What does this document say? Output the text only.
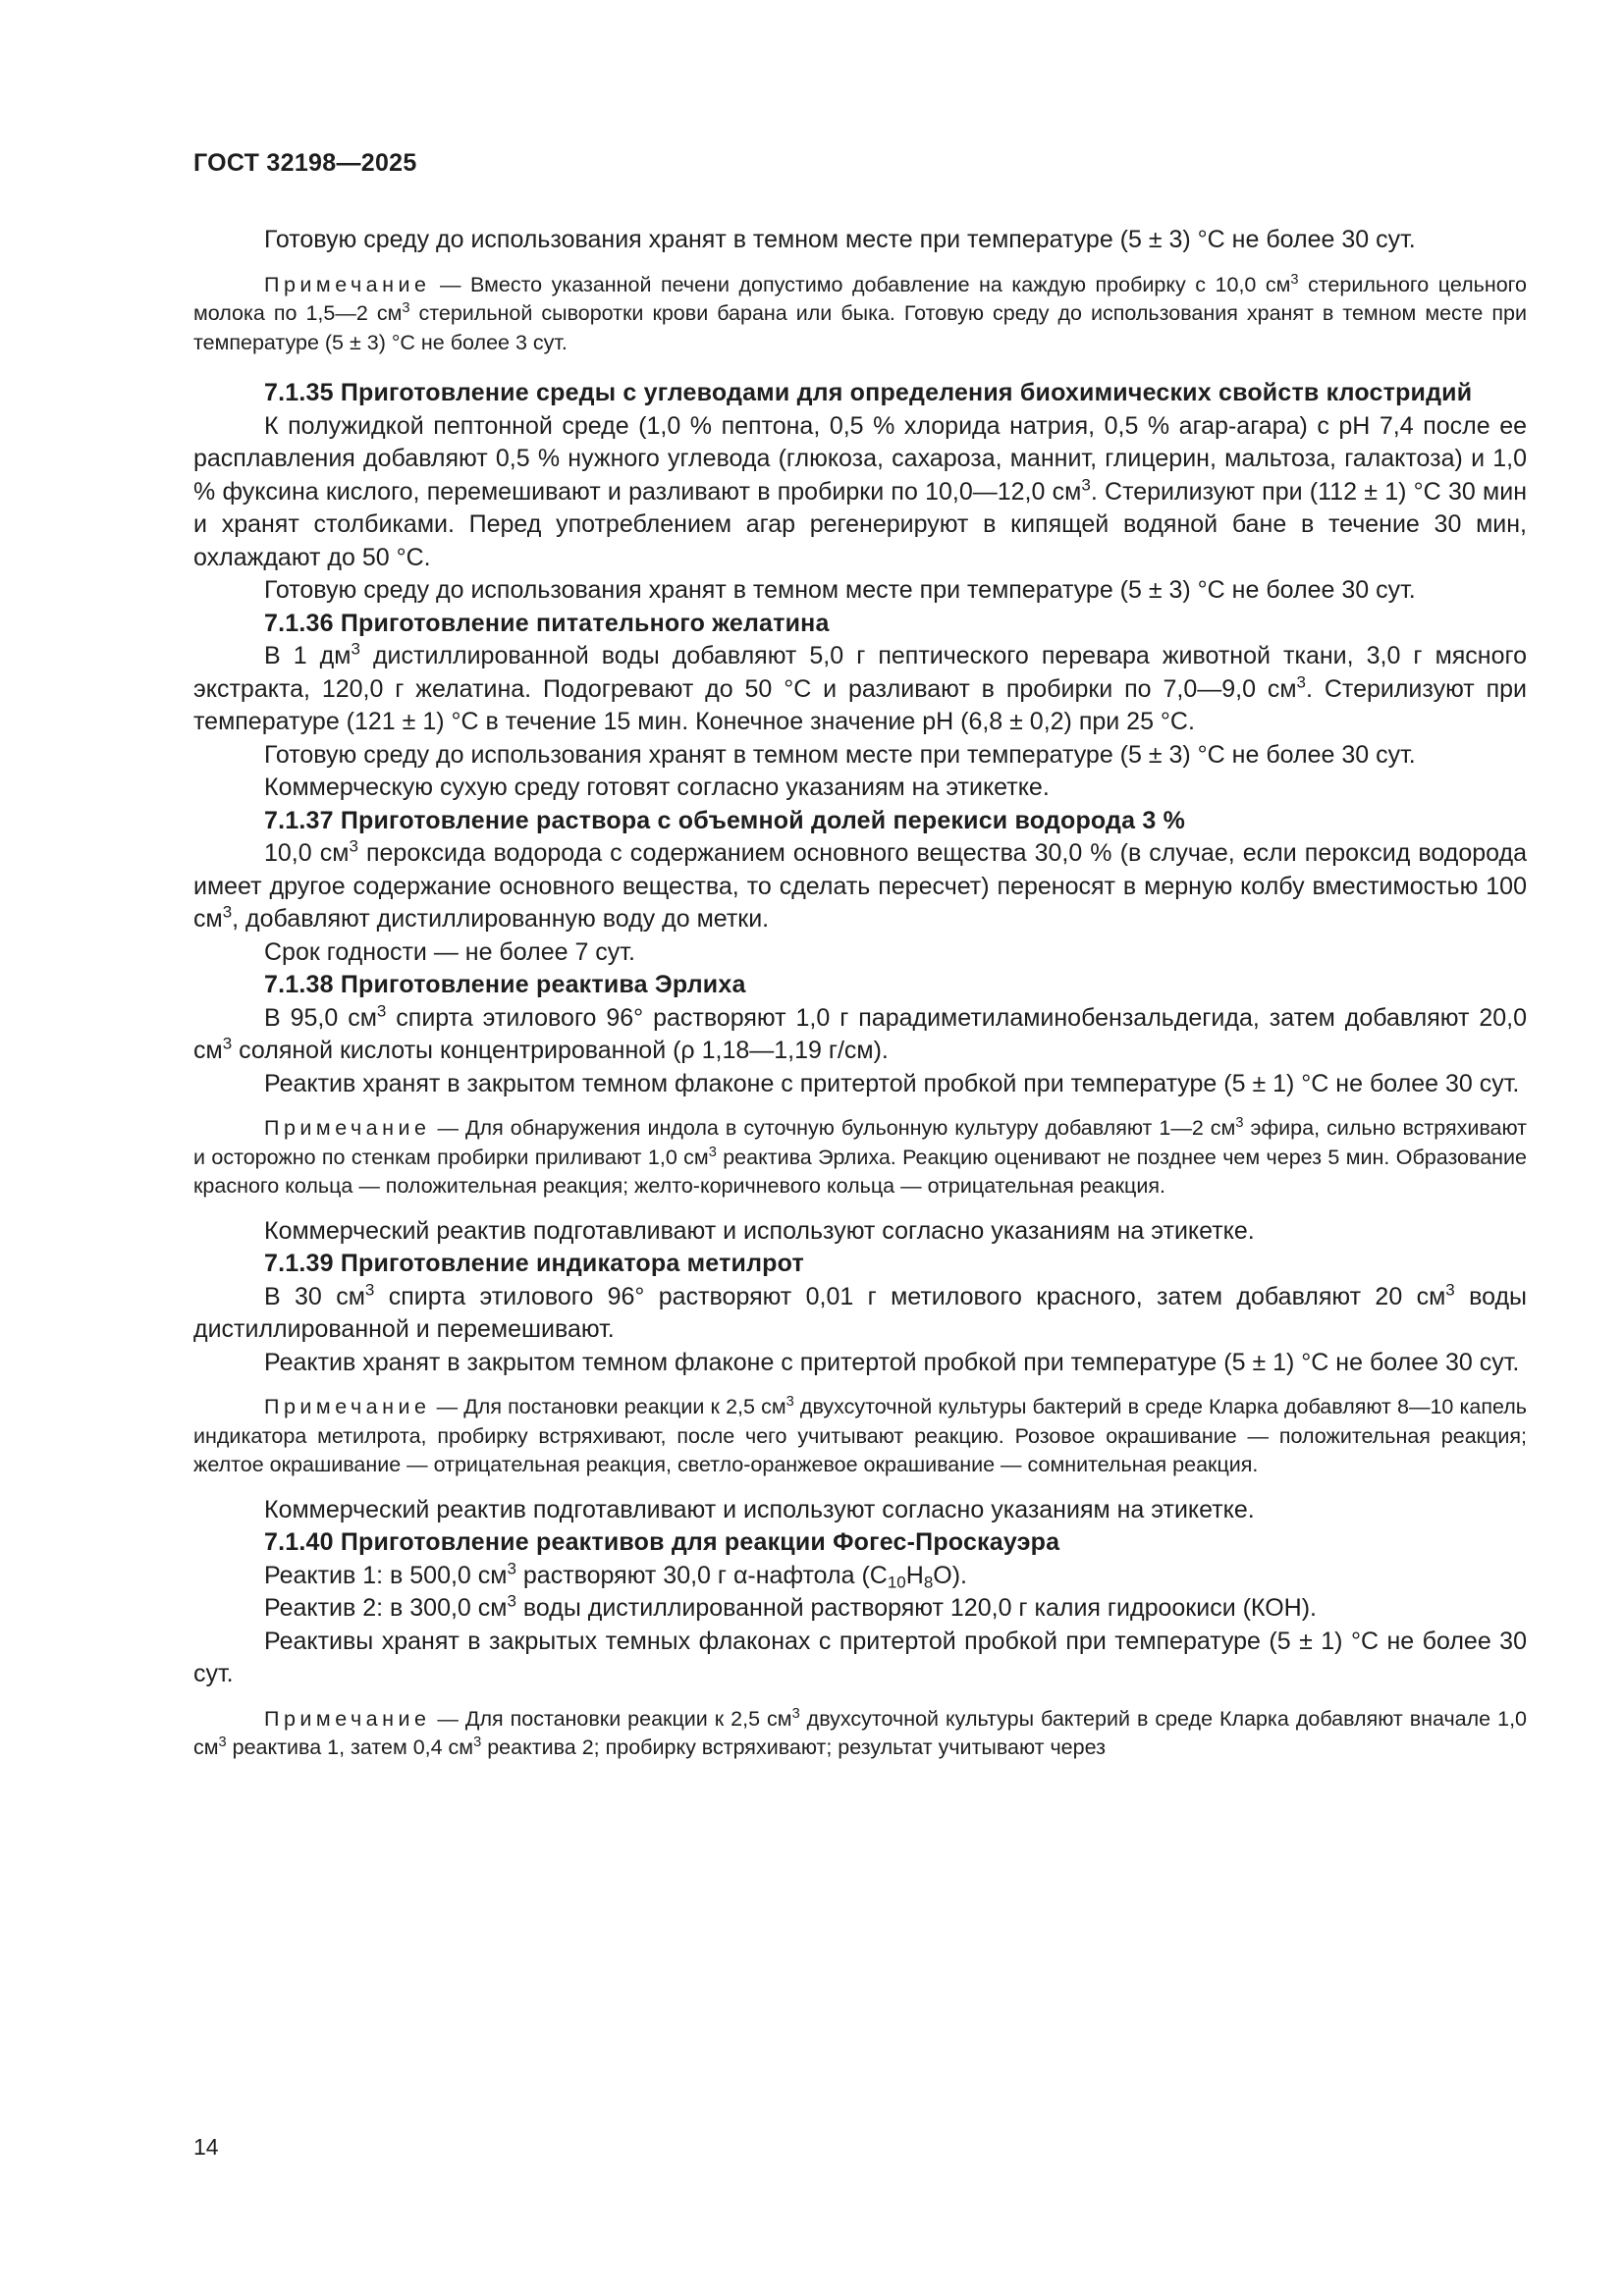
ГОСТ 32198—2025

Готовую среду до использования хранят в темном месте при температуре (5 ± 3) °С не более 30 сут.

Примечание — Вместо указанной печени допустимо добавление на каждую пробирку с 10,0 $см^3$ стерильного цельного молока по 1,5—2 $см^3$ стерильной сыворотки крови барана или быка. Готовую среду до использования хранят в темном месте при температуре (5 ± 3) °С не более 3 сут.

7.1.35 Приготовление среды с углеводами для определения биохимических свойств клостридий

К полужидкой пептонной среде (1,0 % пептона, 0,5 % хлорида натрия, 0,5 % агар-агара) с рН 7,4 после ее расплавления добавляют 0,5 % нужного углевода (глюкоза, сахароза, маннит, глицерин, мальтоза, галактоза) и 1,0 % фуксина кислого, перемешивают и разливают в пробирки по 10,0—12,0 $см^3$. Стерилизуют при (112 ± 1) °С 30 мин и хранят столбиками. Перед употреблением агар регенерируют в кипящей водяной бане в течение 30 мин, охлаждают до 50 °С.

Готовую среду до использования хранят в темном месте при температуре (5 ± 3) °С не более 30 сут.

7.1.36 Приготовление питательного желатина

В 1 $дм^3$ дистиллированной воды добавляют 5,0 г пептического перевара животной ткани, 3,0 г мясного экстракта, 120,0 г желатина. Подогревают до 50 °С и разливают в пробирки по 7,0—9,0 $см^3$. Стерилизуют при температуре (121 ± 1) °С в течение 15 мин. Конечное значение рН (6,8 ± 0,2) при 25 °С.

Готовую среду до использования хранят в темном месте при температуре (5 ± 3) °С не более 30 сут.

Коммерческую сухую среду готовят согласно указаниям на этикетке.

7.1.37 Приготовление раствора с объемной долей перекиси водорода 3 %

10,0 $см^3$ пероксида водорода с содержанием основного вещества 30,0 % (в случае, если пероксид водорода имеет другое содержание основного вещества, то сделать пересчет) переносят в мерную колбу вместимостью 100 $см^3$, добавляют дистиллированную воду до метки.

Срок годности — не более 7 сут.

7.1.38 Приготовление реактива Эрлиха

В 95,0 $см^3$ спирта этилового 96° растворяют 1,0 г парадиметиламинобензальдегида, затем добавляют 20,0 $см^3$ соляной кислоты концентрированной (ρ 1,18—1,19 г/см).

Реактив хранят в закрытом темном флаконе с притертой пробкой при температуре (5 ± 1) °С не более 30 сут.

Примечание — Для обнаружения индола в суточную бульонную культуру добавляют 1—2 $см^3$ эфира, сильно встряхивают и осторожно по стенкам пробирки приливают 1,0 $см^3$ реактива Эрлиха. Реакцию оценивают не позднее чем через 5 мин. Образование красного кольца — положительная реакция; желто-коричневого кольца — отрицательная реакция.

Коммерческий реактив подготавливают и используют согласно указаниям на этикетке.

7.1.39 Приготовление индикатора метилрот

В 30 $см^3$ спирта этилового 96° растворяют 0,01 г метилового красного, затем добавляют 20 $см^3$ воды дистиллированной и перемешивают.

Реактив хранят в закрытом темном флаконе с притертой пробкой при температуре (5 ± 1) °С не более 30 сут.

Примечание — Для постановки реакции к 2,5 $см^3$ двухсуточной культуры бактерий в среде Кларка добавляют 8—10 капель индикатора метилрота, пробирку встряхивают, после чего учитывают реакцию. Розовое окрашивание — положительная реакция; желтое окрашивание — отрицательная реакция, светло-оранжевое окрашивание — сомнительная реакция.

Коммерческий реактив подготавливают и используют согласно указаниям на этикетке.

7.1.40 Приготовление реактивов для реакции Фогес-Проскауэра

Реактив 1: в 500,0 $см^3$ растворяют 30,0 г α-нафтола $(С_{10}Н_8О)$.

Реактив 2: в 300,0 $см^3$ воды дистиллированной растворяют 120,0 г калия гидроокиси (КОН).

Реактивы хранят в закрытых темных флаконах с притертой пробкой при температуре (5 ± 1) °С не более 30 сут.

Примечание — Для постановки реакции к 2,5 $см^3$ двухсуточной культуры бактерий в среде Кларка добавляют вначале 1,0 $см^3$ реактива 1, затем 0,4 $см^3$ реактива 2; пробирку встряхивают; результат учитывают через

14
